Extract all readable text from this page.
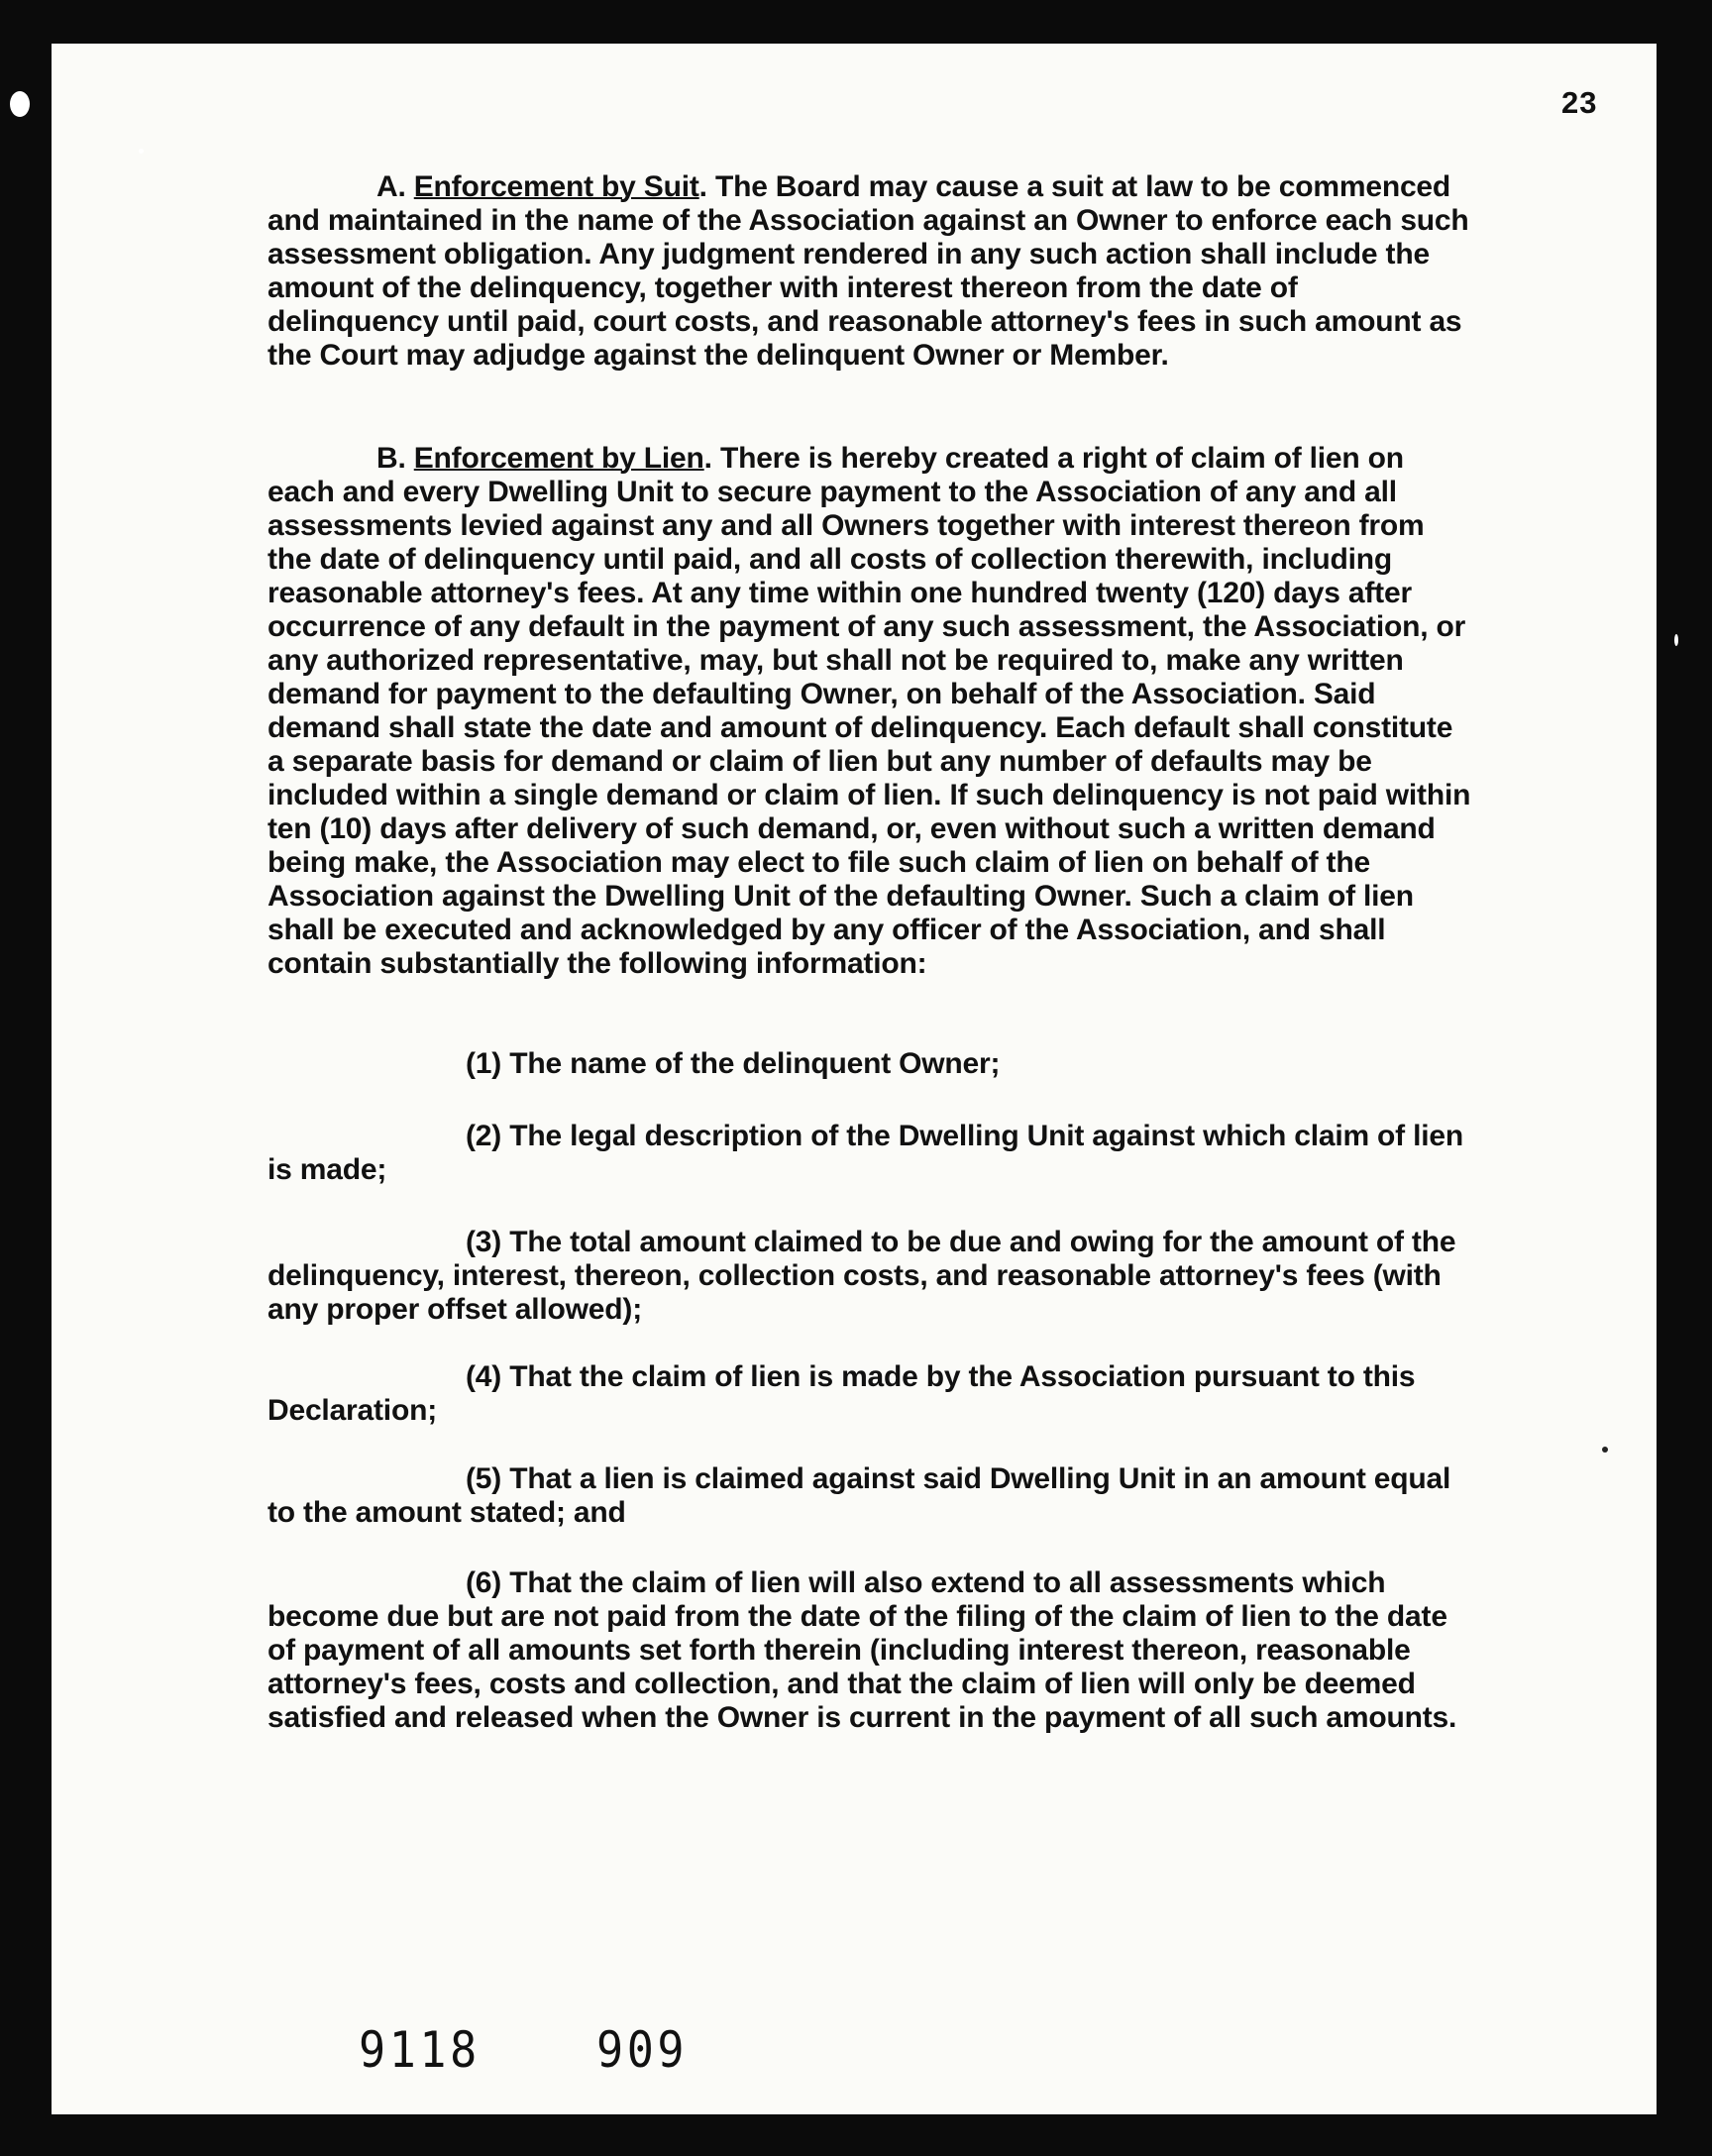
23

A. Enforcement by Suit. The Board may cause a suit at law to be commenced and maintained in the name of the Association against an Owner to enforce each such assessment obligation. Any judgment rendered in any such action shall include the amount of the delinquency, together with interest thereon from the date of delinquency until paid, court costs, and reasonable attorney's fees in such amount as the Court may adjudge against the delinquent Owner or Member.

B. Enforcement by Lien. There is hereby created a right of claim of lien on each and every Dwelling Unit to secure payment to the Association of any and all assessments levied against any and all Owners together with interest thereon from the date of delinquency until paid, and all costs of collection therewith, including reasonable attorney's fees. At any time within one hundred twenty (120) days after occurrence of any default in the payment of any such assessment, the Association, or any authorized representative, may, but shall not be required to, make any written demand for payment to the defaulting Owner, on behalf of the Association. Said demand shall state the date and amount of delinquency. Each default shall constitute a separate basis for demand or claim of lien but any number of defaults may be included within a single demand or claim of lien. If such delinquency is not paid within ten (10) days after delivery of such demand, or, even without such a written demand being make, the Association may elect to file such claim of lien on behalf of the Association against the Dwelling Unit of the defaulting Owner. Such a claim of lien shall be executed and acknowledged by any officer of the Association, and shall contain substantially the following information:

(1) The name of the delinquent Owner;

(2) The legal description of the Dwelling Unit against which claim of lien is made;

(3) The total amount claimed to be due and owing for the amount of the delinquency, interest, thereon, collection costs, and reasonable attorney's fees (with any proper offset allowed);

(4) That the claim of lien is made by the Association pursuant to this Declaration;

(5) That a lien is claimed against said Dwelling Unit in an amount equal to the amount stated; and

(6) That the claim of lien will also extend to all assessments which become due but are not paid from the date of the filing of the claim of lien to the date of payment of all amounts set forth therein (including interest thereon, reasonable attorney's fees, costs and collection, and that the claim of lien will only be deemed satisfied and released when the Owner is current in the payment of all such amounts.

9118 909
